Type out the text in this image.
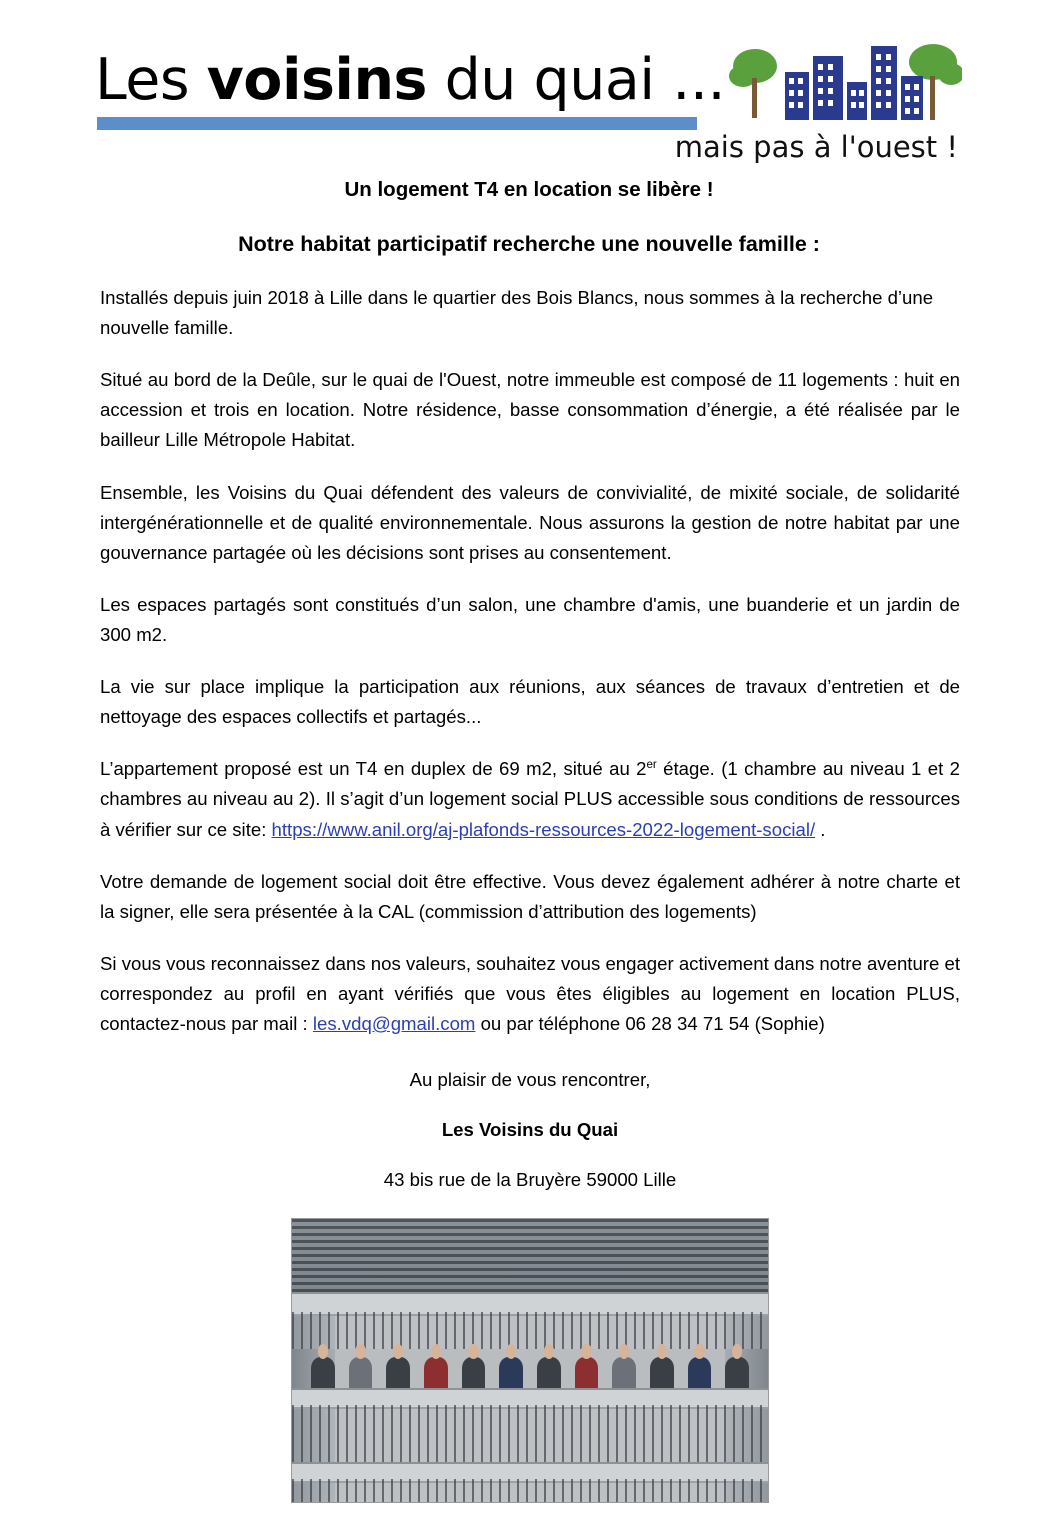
Les voisins du quai ...
mais pas à l'ouest !
Un logement T4 en location se libère !
Notre habitat participatif recherche une nouvelle famille :

Installés depuis juin 2018 à Lille dans le quartier des Bois Blancs, nous sommes à la recherche d’une nouvelle famille.

Situé au bord de la Deûle, sur le quai de l'Ouest, notre immeuble est composé de 11 logements : huit en accession et trois en location. Notre résidence, basse consommation d’énergie, a été réalisée par le bailleur Lille Métropole Habitat.

Ensemble, les Voisins du Quai défendent des valeurs de convivialité, de mixité sociale, de solidarité intergénérationnelle et de qualité environnementale. Nous assurons la gestion de notre habitat par une gouvernance partagée où les décisions sont prises au consentement.

Les espaces partagés sont constitués d’un salon, une chambre d'amis, une buanderie et un jardin de 300 m2.

La vie sur place implique la participation aux réunions, aux séances de travaux d’entretien et de nettoyage des espaces collectifs et partagés...

L’appartement proposé est un T4 en duplex de 69 m2, situé au 2er étage. (1 chambre au niveau 1 et 2 chambres au niveau au 2). Il s’agit d’un logement social PLUS accessible sous conditions de ressources à vérifier sur ce site: https://www.anil.org/aj-plafonds-ressources-2022-logement-social/ .

Votre demande de logement social doit être effective. Vous devez également adhérer à notre charte et la signer, elle sera présentée à la CAL (commission d’attribution des logements)

Si vous vous reconnaissez dans nos valeurs, souhaitez vous engager activement dans notre aventure et correspondez au profil en ayant vérifiés que vous êtes éligibles au logement en location PLUS, contactez-nous par mail : les.vdq@gmail.com ou par téléphone 06 28 34 71 54 (Sophie)

Au plaisir de vous rencontrer,
Les Voisins du Quai
43 bis rue de la Bruyère 59000 Lille
